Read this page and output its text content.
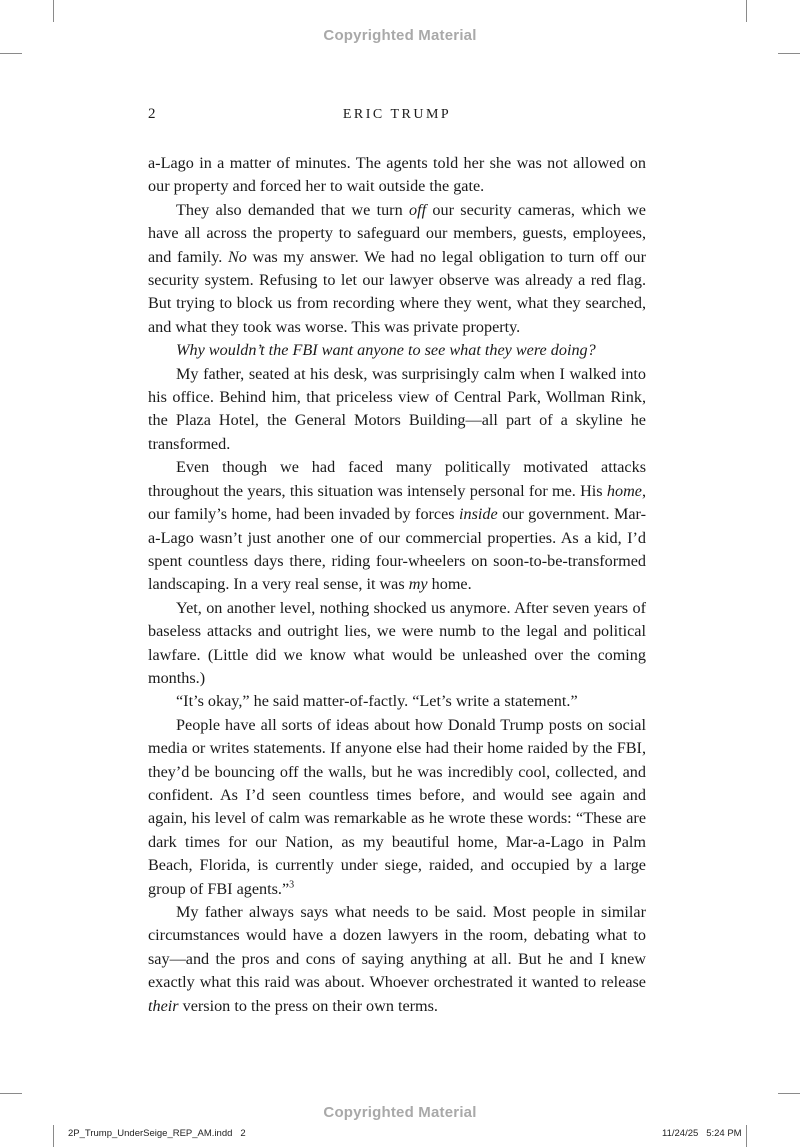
Copyrighted Material
2	ERIC TRUMP

a-Lago in a matter of minutes. The agents told her she was not allowed on our property and forced her to wait outside the gate.

They also demanded that we turn off our security cameras, which we have all across the property to safeguard our members, guests, employees, and family. No was my answer. We had no legal obligation to turn off our security system. Refusing to let our lawyer observe was already a red flag. But trying to block us from recording where they went, what they searched, and what they took was worse. This was private property.

Why wouldn’t the FBI want anyone to see what they were doing?

My father, seated at his desk, was surprisingly calm when I walked into his office. Behind him, that priceless view of Central Park, Wollman Rink, the Plaza Hotel, the General Motors Building—all part of a skyline he transformed.

Even though we had faced many politically motivated attacks throughout the years, this situation was intensely personal for me. His home, our family’s home, had been invaded by forces inside our government. Mar-a-Lago wasn’t just another one of our commercial properties. As a kid, I’d spent countless days there, riding four-wheelers on soon-to-be-transformed landscaping. In a very real sense, it was my home.

Yet, on another level, nothing shocked us anymore. After seven years of baseless attacks and outright lies, we were numb to the legal and political lawfare. (Little did we know what would be unleashed over the coming months.)

“It’s okay,” he said matter-of-factly. “Let’s write a statement.”

People have all sorts of ideas about how Donald Trump posts on social media or writes statements. If anyone else had their home raided by the FBI, they’d be bouncing off the walls, but he was incredibly cool, collected, and confident. As I’d seen countless times before, and would see again and again, his level of calm was remarkable as he wrote these words: “These are dark times for our Nation, as my beautiful home, Mar-a-Lago in Palm Beach, Florida, is currently under siege, raided, and occupied by a large group of FBI agents.”$^3$

My father always says what needs to be said. Most people in similar circumstances would have a dozen lawyers in the room, debating what to say—and the pros and cons of saying anything at all. But he and I knew exactly what this raid was about. Whoever orchestrated it wanted to release their version to the press on their own terms.

Copyrighted Material
2P_Trump_UnderSeige_REP_AM.indd   2	11/24/25   5:24 PM
